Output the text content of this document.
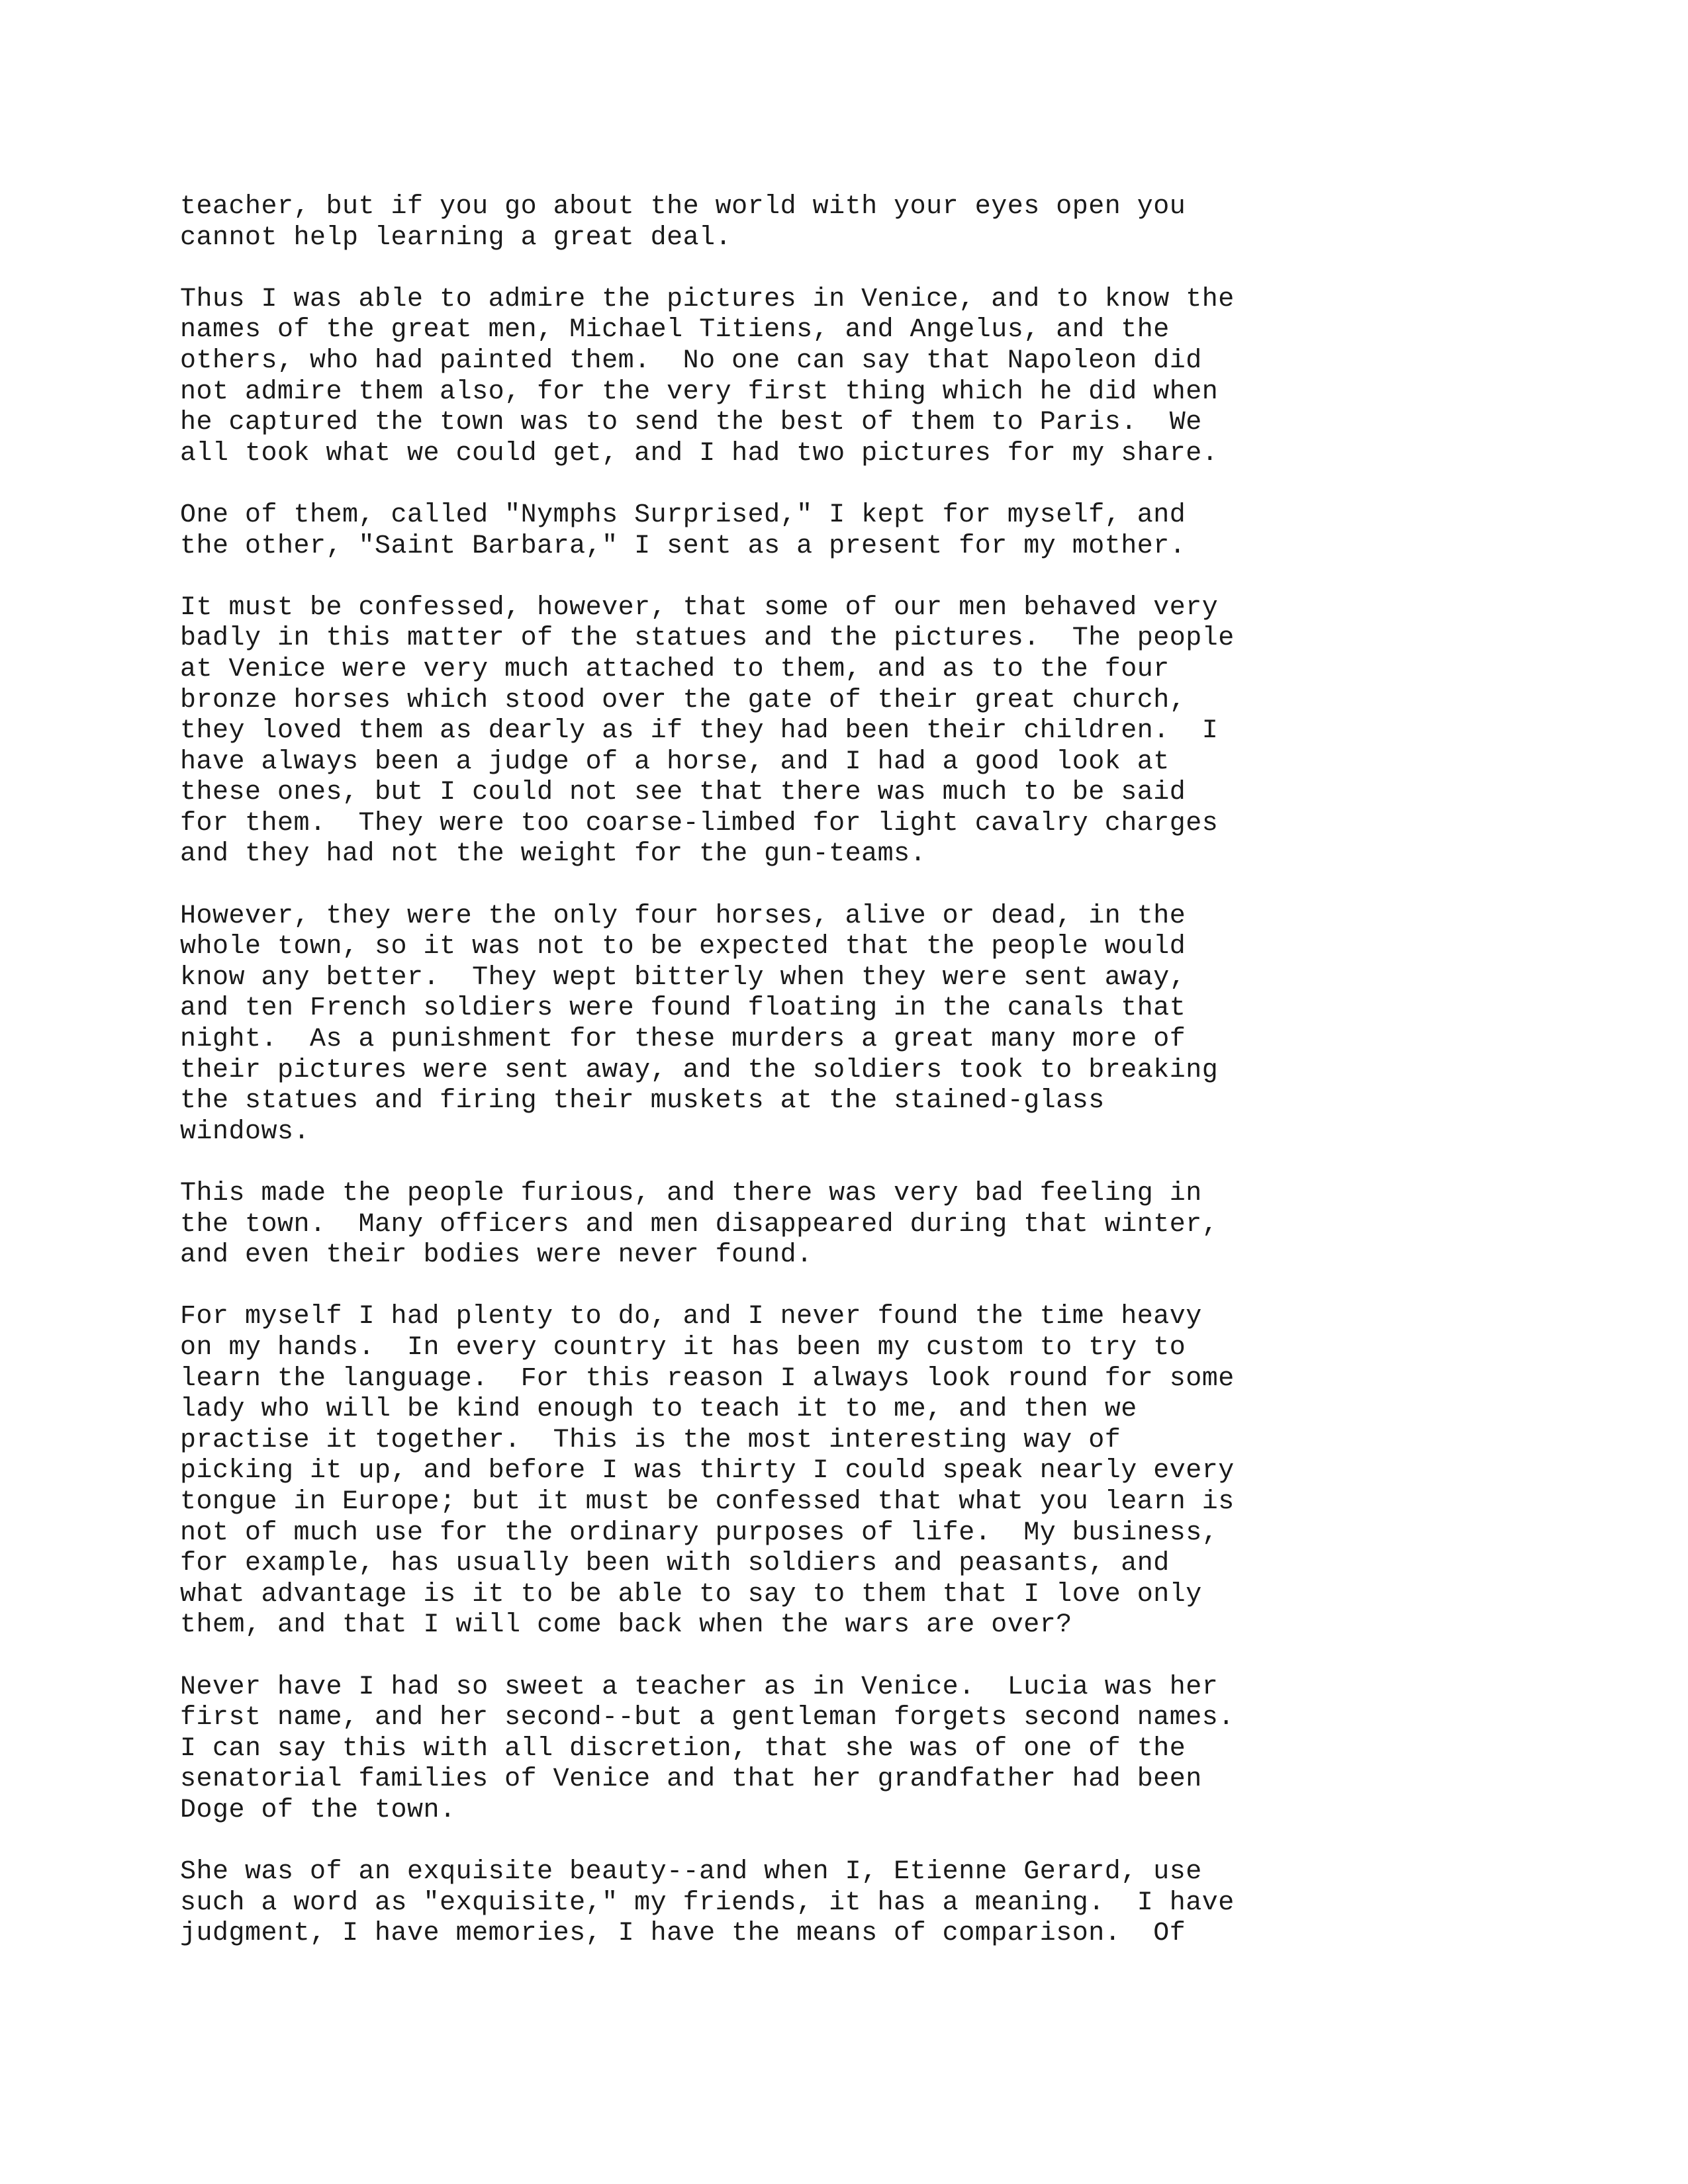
teacher, but if you go about the world with your eyes open you
cannot help learning a great deal.
Thus I was able to admire the pictures in Venice, and to know the
names of the great men, Michael Titiens, and Angelus, and the
others, who had painted them.  No one can say that Napoleon did
not admire them also, for the very first thing which he did when
he captured the town was to send the best of them to Paris.  We
all took what we could get, and I had two pictures for my share.
One of them, called "Nymphs Surprised," I kept for myself, and
the other, "Saint Barbara," I sent as a present for my mother.
It must be confessed, however, that some of our men behaved very
badly in this matter of the statues and the pictures.  The people
at Venice were very much attached to them, and as to the four
bronze horses which stood over the gate of their great church,
they loved them as dearly as if they had been their children.  I
have always been a judge of a horse, and I had a good look at
these ones, but I could not see that there was much to be said
for them.  They were too coarse-limbed for light cavalry charges
and they had not the weight for the gun-teams.
However, they were the only four horses, alive or dead, in the
whole town, so it was not to be expected that the people would
know any better.  They wept bitterly when they were sent away,
and ten French soldiers were found floating in the canals that
night.  As a punishment for these murders a great many more of
their pictures were sent away, and the soldiers took to breaking
the statues and firing their muskets at the stained-glass
windows.
This made the people furious, and there was very bad feeling in
the town.  Many officers and men disappeared during that winter,
and even their bodies were never found.
For myself I had plenty to do, and I never found the time heavy
on my hands.  In every country it has been my custom to try to
learn the language.  For this reason I always look round for some
lady who will be kind enough to teach it to me, and then we
practise it together.  This is the most interesting way of
picking it up, and before I was thirty I could speak nearly every
tongue in Europe; but it must be confessed that what you learn is
not of much use for the ordinary purposes of life.  My business,
for example, has usually been with soldiers and peasants, and
what advantage is it to be able to say to them that I love only
them, and that I will come back when the wars are over?
Never have I had so sweet a teacher as in Venice.  Lucia was her
first name, and her second--but a gentleman forgets second names.
I can say this with all discretion, that she was of one of the
senatorial families of Venice and that her grandfather had been
Doge of the town.
She was of an exquisite beauty--and when I, Etienne Gerard, use
such a word as "exquisite," my friends, it has a meaning.  I have
judgment, I have memories, I have the means of comparison.  Of
